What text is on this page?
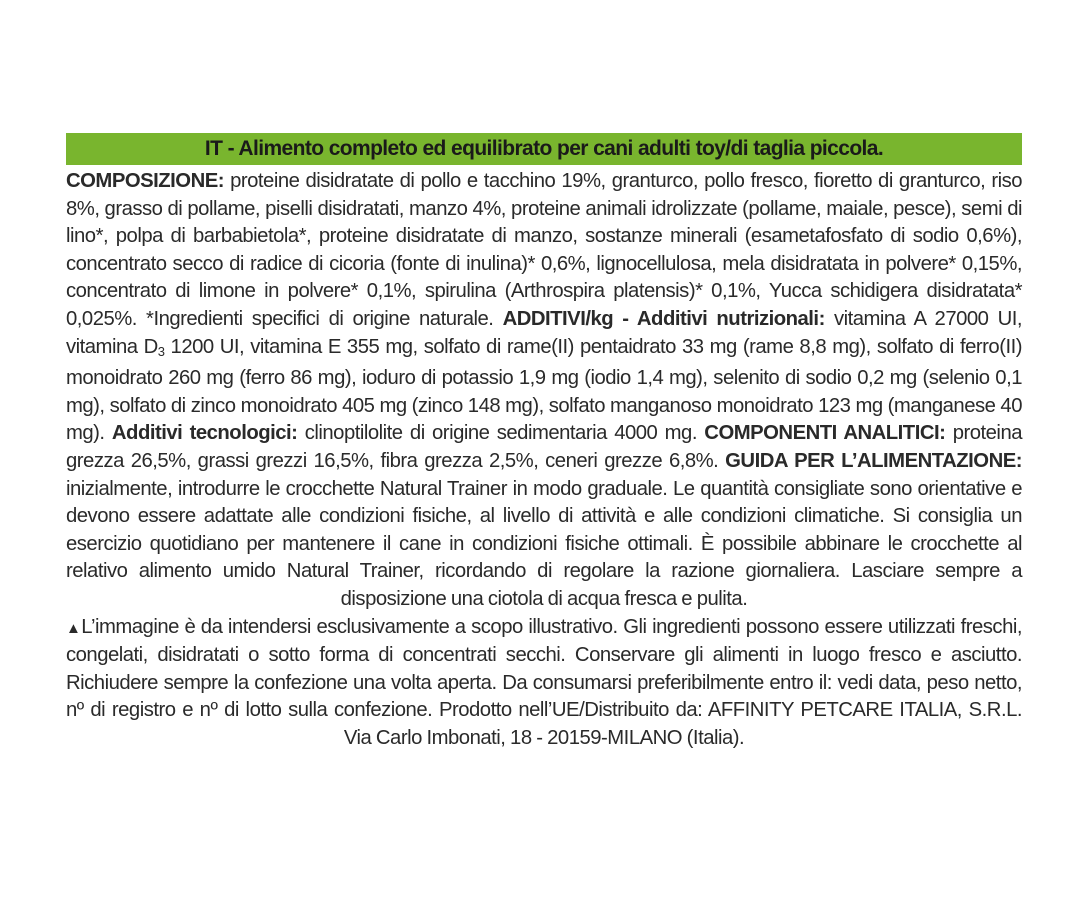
IT - Alimento completo ed equilibrato per cani adulti toy/di taglia piccola.
COMPOSIZIONE: proteine disidratate di pollo e tacchino 19%, granturco, pollo fresco, fioretto di granturco, riso 8%, grasso di pollame, piselli disidratati, manzo 4%, proteine animali idrolizzate (pollame, maiale, pesce), semi di lino*, polpa di barbabietola*, proteine disidratate di manzo, sostanze minerali (esametafosfato di sodio 0,6%), concentrato secco di radice di cicoria (fonte di inulina)* 0,6%, lignocellulosa, mela disidratata in polvere* 0,15%, concentrato di limone in polvere* 0,1%, spirulina (Arthrospira platensis)* 0,1%, Yucca schidigera disidratata* 0,025%. *Ingredienti specifici di origine naturale. ADDITIVI/kg - Additivi nutrizionali: vitamina A 27000 UI, vitamina $D_3$ 1200 UI, vitamina E 355 mg, solfato di rame(II) pentaidrato 33 mg (rame 8,8 mg), solfato di ferro(II) monoidrato 260 mg (ferro 86 mg), ioduro di potassio 1,9 mg (iodio 1,4 mg), selenito di sodio 0,2 mg (selenio 0,1 mg), solfato di zinco monoidrato 405 mg (zinco 148 mg), solfato manganoso monoidrato 123 mg (manganese 40 mg). Additivi tecnologici: clinoptilolite di origine sedimentaria 4000 mg. COMPONENTI ANALITICI: proteina grezza 26,5%, grassi grezzi 16,5%, fibra grezza 2,5%, ceneri grezze 6,8%. GUIDA PER L’ALIMENTAZIONE: inizialmente, introdurre le crocchette Natural Trainer in modo graduale. Le quantità consigliate sono orientative e devono essere adattate alle condizioni fisiche, al livello di attività e alle condizioni climatiche. Si consiglia un esercizio quotidiano per mantenere il cane in condizioni fisiche ottimali. È possibile abbinare le crocchette al relativo alimento umido Natural Trainer, ricordando di regolare la razione giornaliera. Lasciare sempre a disposizione una ciotola di acqua fresca e pulita.
▲L’immagine è da intendersi esclusivamente a scopo illustrativo. Gli ingredienti possono essere utilizzati freschi, congelati, disidratati o sotto forma di concentrati secchi. Conservare gli alimenti in luogo fresco e asciutto. Richiudere sempre la confezione una volta aperta. Da consumarsi preferibilmente entro il: vedi data, peso netto, nº di registro e nº di lotto sulla confezione. Prodotto nell’UE/Distribuito da: AFFINITY PETCARE ITALIA, S.R.L. Via Carlo Imbonati, 18 - 20159-MILANO (Italia).
